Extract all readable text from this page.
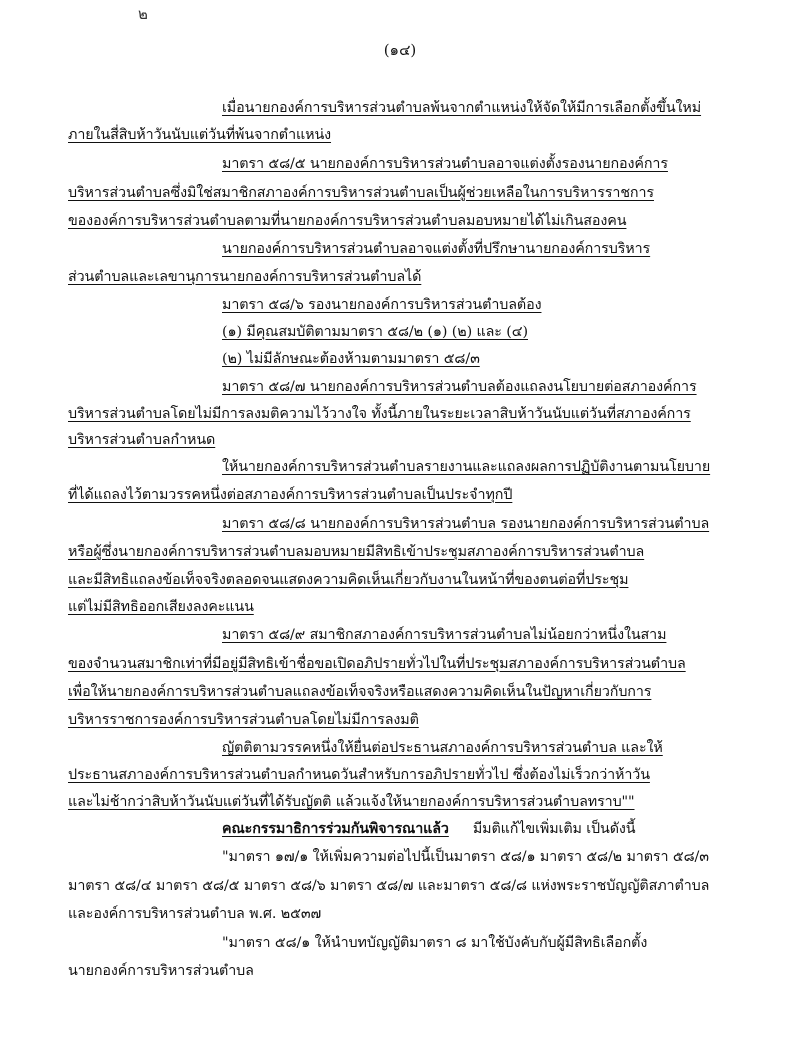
๒
(๑๔)
เมื่อนายกองค์การบริหารส่วนตำบลพ้นจากตำแหน่งให้จัดให้มีการเลือกตั้งขึ้นใหม่
ภายในสี่สิบห้าวันนับแต่วันที่พ้นจากตำแหน่ง
มาตรา ๕๘/๕ นายกองค์การบริหารส่วนตำบลอาจแต่งตั้งรองนายกองค์การ
บริหารส่วนตำบลซึ่งมิใช่สมาชิกสภาองค์การบริหารส่วนตำบลเป็นผู้ช่วยเหลือในการบริหารราชการ
ขององค์การบริหารส่วนตำบลตามที่นายกองค์การบริหารส่วนตำบลมอบหมายได้ไม่เกินสองคน
นายกองค์การบริหารส่วนตำบลอาจแต่งตั้งที่ปรึกษานายกองค์การบริหาร
ส่วนตำบลและเลขานุการนายกองค์การบริหารส่วนตำบลได้
มาตรา ๕๘/๖ รองนายกองค์การบริหารส่วนตำบลต้อง
(๑) มีคุณสมบัติตามมาตรา ๕๘/๒ (๑) (๒) และ (๔)
(๒) ไม่มีลักษณะต้องห้ามตามมาตรา ๕๘/๓
มาตรา ๕๘/๗ นายกองค์การบริหารส่วนตำบลต้องแถลงนโยบายต่อสภาองค์การ
บริหารส่วนตำบลโดยไม่มีการลงมติความไว้วางใจ ทั้งนี้ภายในระยะเวลาสิบห้าวันนับแต่วันที่สภาองค์การ
บริหารส่วนตำบลกำหนด
ให้นายกองค์การบริหารส่วนตำบลรายงานและแถลงผลการปฏิบัติงานตามนโยบาย
ที่ได้แถลงไว้ตามวรรคหนึ่งต่อสภาองค์การบริหารส่วนตำบลเป็นประจำทุกปี
มาตรา ๕๘/๘ นายกองค์การบริหารส่วนตำบล รองนายกองค์การบริหารส่วนตำบล
หรือผู้ซึ่งนายกองค์การบริหารส่วนตำบลมอบหมายมีสิทธิเข้าประชุมสภาองค์การบริหารส่วนตำบล
และมีสิทธิแถลงข้อเท็จจริงตลอดจนแสดงความคิดเห็นเกี่ยวกับงานในหน้าที่ของตนต่อที่ประชุม
แต่ไม่มีสิทธิออกเสียงลงคะแนน
มาตรา ๕๘/๙ สมาชิกสภาองค์การบริหารส่วนตำบลไม่น้อยกว่าหนึ่งในสาม
ของจำนวนสมาชิกเท่าที่มีอยู่มีสิทธิเข้าชื่อขอเปิดอภิปรายทั่วไปในที่ประชุมสภาองค์การบริหารส่วนตำบล
เพื่อให้นายกองค์การบริหารส่วนตำบลแถลงข้อเท็จจริงหรือแสดงความคิดเห็นในปัญหาเกี่ยวกับการ
บริหารราชการองค์การบริหารส่วนตำบลโดยไม่มีการลงมติ
ญัตติตามวรรคหนึ่งให้ยื่นต่อประธานสภาองค์การบริหารส่วนตำบล และให้
ประธานสภาองค์การบริหารส่วนตำบลกำหนดวันสำหรับการอภิปรายทั่วไป ซึ่งต้องไม่เร็วกว่าห้าวัน
และไม่ช้ากว่าสิบห้าวันนับแต่วันที่ได้รับญัตติ แล้วแจ้งให้นายกองค์การบริหารส่วนตำบลทราบ""
คณะกรรมาธิการร่วมกันพิจารณาแล้ว มีมติแก้ไขเพิ่มเติม เป็นดังนี้
"มาตรา ๑๗/๑ ให้เพิ่มความต่อไปนี้เป็นมาตรา ๕๘/๑ มาตรา ๕๘/๒ มาตรา ๕๘/๓
มาตรา ๕๘/๔ มาตรา ๕๘/๕ มาตรา ๕๘/๖ มาตรา ๕๘/๗ และมาตรา ๕๘/๘ แห่งพระราชบัญญัติสภาตำบล
และองค์การบริหารส่วนตำบล พ.ศ. ๒๕๓๗
"มาตรา ๕๘/๑ ให้นำบทบัญญัติมาตรา ๘ มาใช้บังคับกับผู้มีสิทธิเลือกตั้ง
นายกองค์การบริหารส่วนตำบล
